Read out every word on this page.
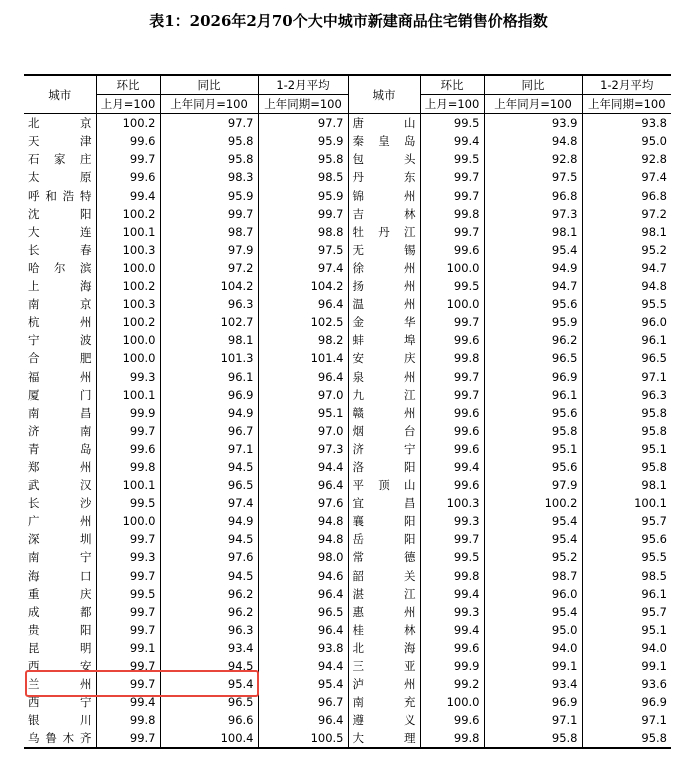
表1：2026年2月70个大中城市新建商品住宅销售价格指数
城市	环比	同比	1-2月平均	城市	环比	同比	1-2月平均
	上月=100	上年同月=100	上年同期=100		上月=100	上年同月=100	上年同期=100
北京	100.2	97.7	97.7	唐山	99.5	93.9	93.8
天津	99.6	95.8	95.9	秦皇岛	99.4	94.8	95.0
石家庄	99.7	95.8	95.8	包头	99.5	92.8	92.8
太原	99.6	98.3	98.5	丹东	99.7	97.5	97.4
呼和浩特	99.4	95.9	95.9	锦州	99.7	96.8	96.8
沈阳	100.2	99.7	99.7	吉林	99.8	97.3	97.2
大连	100.1	98.7	98.8	牡丹江	99.7	98.1	98.1
长春	100.3	97.9	97.5	无锡	99.6	95.4	95.2
哈尔滨	100.0	97.2	97.4	徐州	100.0	94.9	94.7
上海	100.2	104.2	104.2	扬州	99.5	94.7	94.8
南京	100.3	96.3	96.4	温州	100.0	95.6	95.5
杭州	100.2	102.7	102.5	金华	99.7	95.9	96.0
宁波	100.0	98.1	98.2	蚌埠	99.6	96.2	96.1
合肥	100.0	101.3	101.4	安庆	99.8	96.5	96.5
福州	99.3	96.1	96.4	泉州	99.7	96.9	97.1
厦门	100.1	96.9	97.0	九江	99.7	96.1	96.3
南昌	99.9	94.9	95.1	赣州	99.6	95.6	95.8
济南	99.7	96.7	97.0	烟台	99.6	95.8	95.8
青岛	99.6	97.1	97.3	济宁	99.6	95.1	95.1
郑州	99.8	94.5	94.4	洛阳	99.4	95.6	95.8
武汉	100.1	96.5	96.4	平顶山	99.6	97.9	98.1
长沙	99.5	97.4	97.6	宜昌	100.3	100.2	100.1
广州	100.0	94.9	94.8	襄阳	99.3	95.4	95.7
深圳	99.7	94.5	94.8	岳阳	99.7	95.4	95.6
南宁	99.3	97.6	98.0	常德	99.5	95.2	95.5
海口	99.7	94.5	94.6	韶关	99.8	98.7	98.5
重庆	99.5	96.2	96.4	湛江	99.4	96.0	96.1
成都	99.7	96.2	96.5	惠州	99.3	95.4	95.7
贵阳	99.7	96.3	96.4	桂林	99.4	95.0	95.1
昆明	99.1	93.4	93.8	北海	99.6	94.0	94.0
西安	99.7	94.5	94.4	三亚	99.9	99.1	99.1
兰州	99.7	95.4	95.4	泸州	99.2	93.4	93.6
西宁	99.4	96.5	96.7	南充	100.0	96.9	96.9
银川	99.8	96.6	96.4	遵义	99.6	97.1	97.1
乌鲁木齐	99.7	100.4	100.5	大理	99.8	95.8	95.8
